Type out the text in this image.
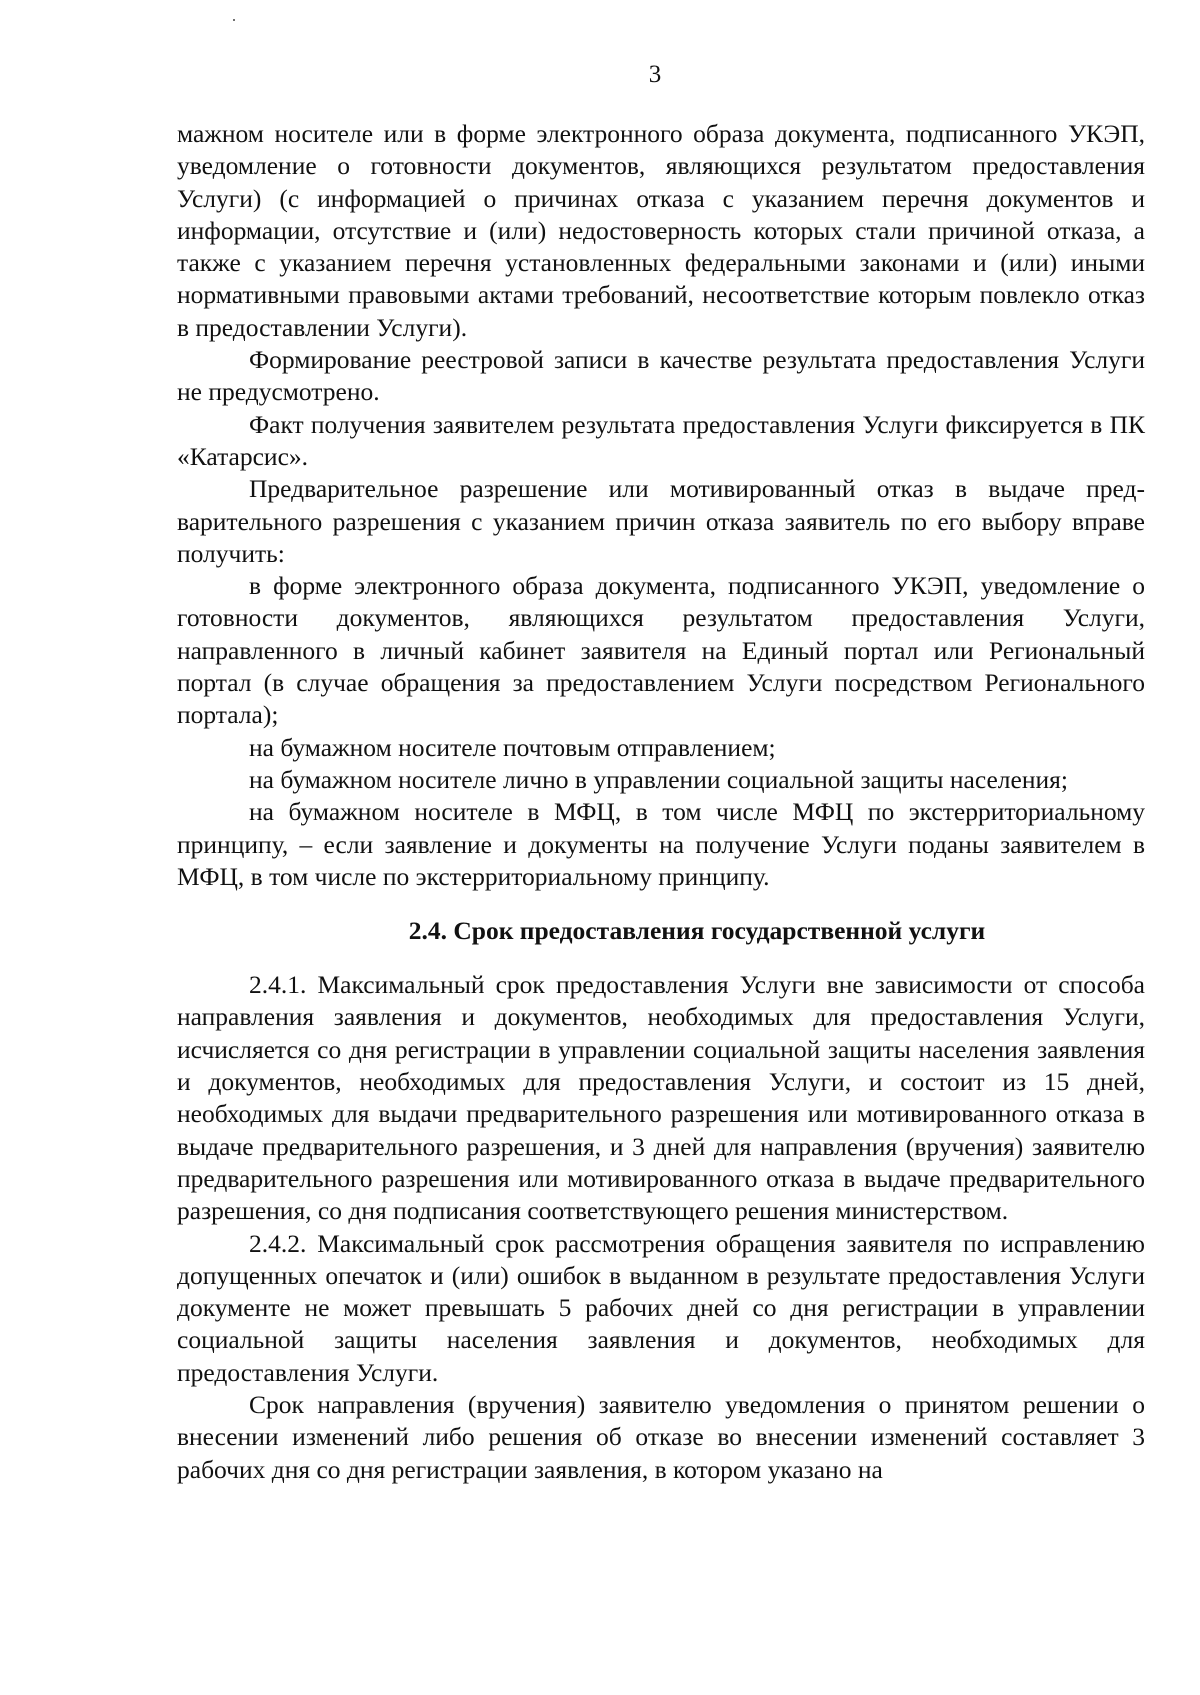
3

мажном носителе или в форме электронного образа документа, подписанного УКЭП, уведомление о готовности документов, являющихся результатом предоставления Услуги) (с информацией о причинах отказа с указанием перечня документов и информации, отсутствие и (или) недостоверность которых стали причиной отказа, а также с указанием перечня установленных федеральными законами и (или) иными нормативными правовыми актами требований, несоответствие которым повлекло отказ в предоставлении Услуги).

Формирование реестровой записи в качестве результата предоставления Услуги не предусмотрено.

Факт получения заявителем результата предоставления Услуги фиксируется в ПК «Катарсис».

Предварительное разрешение или мотивированный отказ в выдаче предварительного разрешения с указанием причин отказа заявитель по его выбору вправе получить:

в форме электронного образа документа, подписанного УКЭП, уведомление о готовности документов, являющихся результатом предоставления Услуги, направленного в личный кабинет заявителя на Единый портал или Региональный портал (в случае обращения за предоставлением Услуги посредством Регионального портала);

на бумажном носителе почтовым отправлением;

на бумажном носителе лично в управлении социальной защиты населения;

на бумажном носителе в МФЦ, в том числе МФЦ по экстерриториальному принципу, – если заявление и документы на получение Услуги поданы заявителем в МФЦ, в том числе по экстерриториальному принципу.

2.4. Срок предоставления государственной услуги

2.4.1. Максимальный срок предоставления Услуги вне зависимости от способа направления заявления и документов, необходимых для предоставления Услуги, исчисляется со дня регистрации в управлении социальной защиты населения заявления и документов, необходимых для предоставления Услуги, и состоит из 15 дней, необходимых для выдачи предварительного разрешения или мотивированного отказа в выдаче предварительного разрешения, и 3 дней для направления (вручения) заявителю предварительного разрешения или мотивированного отказа в выдаче предварительного разрешения, со дня подписания соответствующего решения министерством.

2.4.2. Максимальный срок рассмотрения обращения заявителя по исправлению допущенных опечаток и (или) ошибок в выданном в результате предоставления Услуги документе не может превышать 5 рабочих дней со дня регистрации в управлении социальной защиты населения заявления и документов, необходимых для предоставления Услуги.

Срок направления (вручения) заявителю уведомления о принятом решении о внесении изменений либо решения об отказе во внесении изменений составляет 3 рабочих дня со дня регистрации заявления, в котором указано на
